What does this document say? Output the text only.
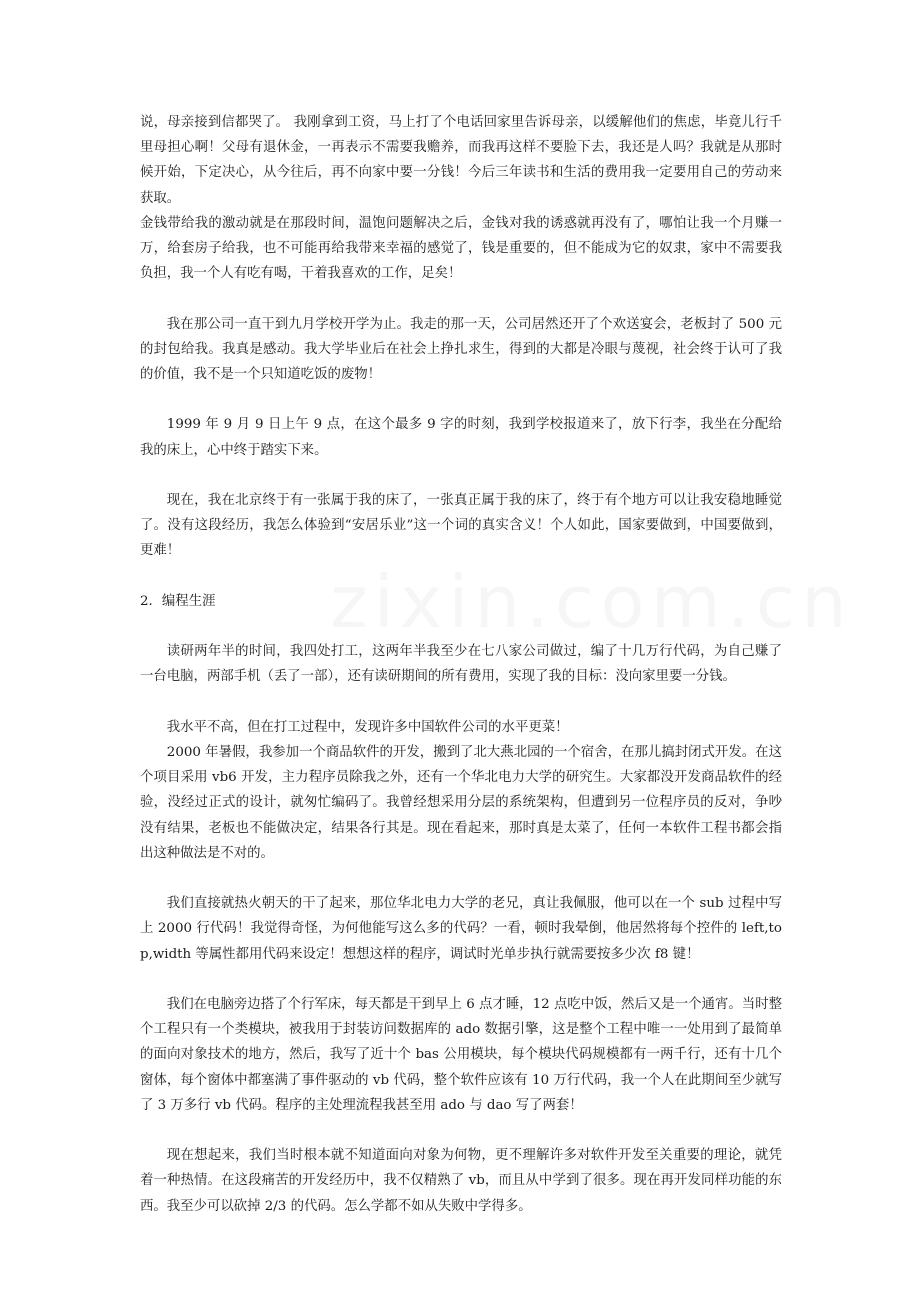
说，母亲接到信都哭了。 我刚拿到工资，马上打了个电话回家里告诉母亲，以缓解他们的焦虑，毕竟儿行千里母担心啊！父母有退休金，一再表示不需要我赡养，而我再这样不要脸下去，我还是人吗？我就是从那时候开始，下定决心，从今往后，再不向家中要一分钱！今后三年读书和生活的费用我一定要用自己的劳动来获取。

金钱带给我的激动就是在那段时间，温饱问题解决之后，金钱对我的诱惑就再没有了，哪怕让我一个月赚一万，给套房子给我，也不可能再给我带来幸福的感觉了，钱是重要的，但不能成为它的奴隶，家中不需要我负担，我一个人有吃有喝，干着我喜欢的工作，足矣！

我在那公司一直干到九月学校开学为止。我走的那一天，公司居然还开了个欢送宴会，老板封了 500 元的封包给我。我真是感动。我大学毕业后在社会上挣扎求生，得到的大都是冷眼与蔑视，社会终于认可了我的价值，我不是一个只知道吃饭的废物！

1999 年 9 月 9 日上午 9 点，在这个最多 9 字的时刻，我到学校报道来了，放下行李，我坐在分配给我的床上，心中终于踏实下来。

现在，我在北京终于有一张属于我的床了，一张真正属于我的床了，终于有个地方可以让我安稳地睡觉了。没有这段经历，我怎么体验到“安居乐业”这一个词的真实含义！个人如此，国家要做到，中国要做到，更难！

2．编程生涯

读研两年半的时间，我四处打工，这两年半我至少在七八家公司做过，编了十几万行代码，为自己赚了一台电脑，两部手机（丢了一部），还有读研期间的所有费用，实现了我的目标：没向家里要一分钱。

我水平不高，但在打工过程中，发现许多中国软件公司的水平更菜！

2000 年暑假，我参加一个商品软件的开发，搬到了北大燕北园的一个宿舍，在那儿搞封闭式开发。在这个项目采用 vb6 开发，主力程序员除我之外，还有一个华北电力大学的研究生。大家都没开发商品软件的经验，没经过正式的设计，就匆忙编码了。我曾经想采用分层的系统架构，但遭到另一位程序员的反对，争吵没有结果，老板也不能做决定，结果各行其是。现在看起来，那时真是太菜了，任何一本软件工程书都会指出这种做法是不对的。

我们直接就热火朝天的干了起来，那位华北电力大学的老兄，真让我佩服，他可以在一个 sub 过程中写上 2000 行代码！我觉得奇怪，为何他能写这么多的代码？一看，顿时我晕倒，他居然将每个控件的 left,top,width 等属性都用代码来设定！想想这样的程序，调试时光单步执行就需要按多少次 f8 键！

我们在电脑旁边搭了个行军床，每天都是干到早上 6 点才睡，12 点吃中饭，然后又是一个通宵。当时整个工程只有一个类模块，被我用于封装访问数据库的 ado 数据引擎，这是整个工程中唯一一处用到了最简单的面向对象技术的地方，然后，我写了近十个 bas 公用模块，每个模块代码规模都有一两千行，还有十几个窗体，每个窗体中都塞满了事件驱动的 vb 代码，整个软件应该有 10 万行代码，我一个人在此期间至少就写了 3 万多行 vb 代码。程序的主处理流程我甚至用 ado 与 dao 写了两套！

现在想起来，我们当时根本就不知道面向对象为何物，更不理解许多对软件开发至关重要的理论，就凭着一种热情。在这段痛苦的开发经历中，我不仅精熟了 vb，而且从中学到了很多。现在再开发同样功能的东西。我至少可以砍掉 2/3 的代码。怎么学都不如从失败中学得多。
